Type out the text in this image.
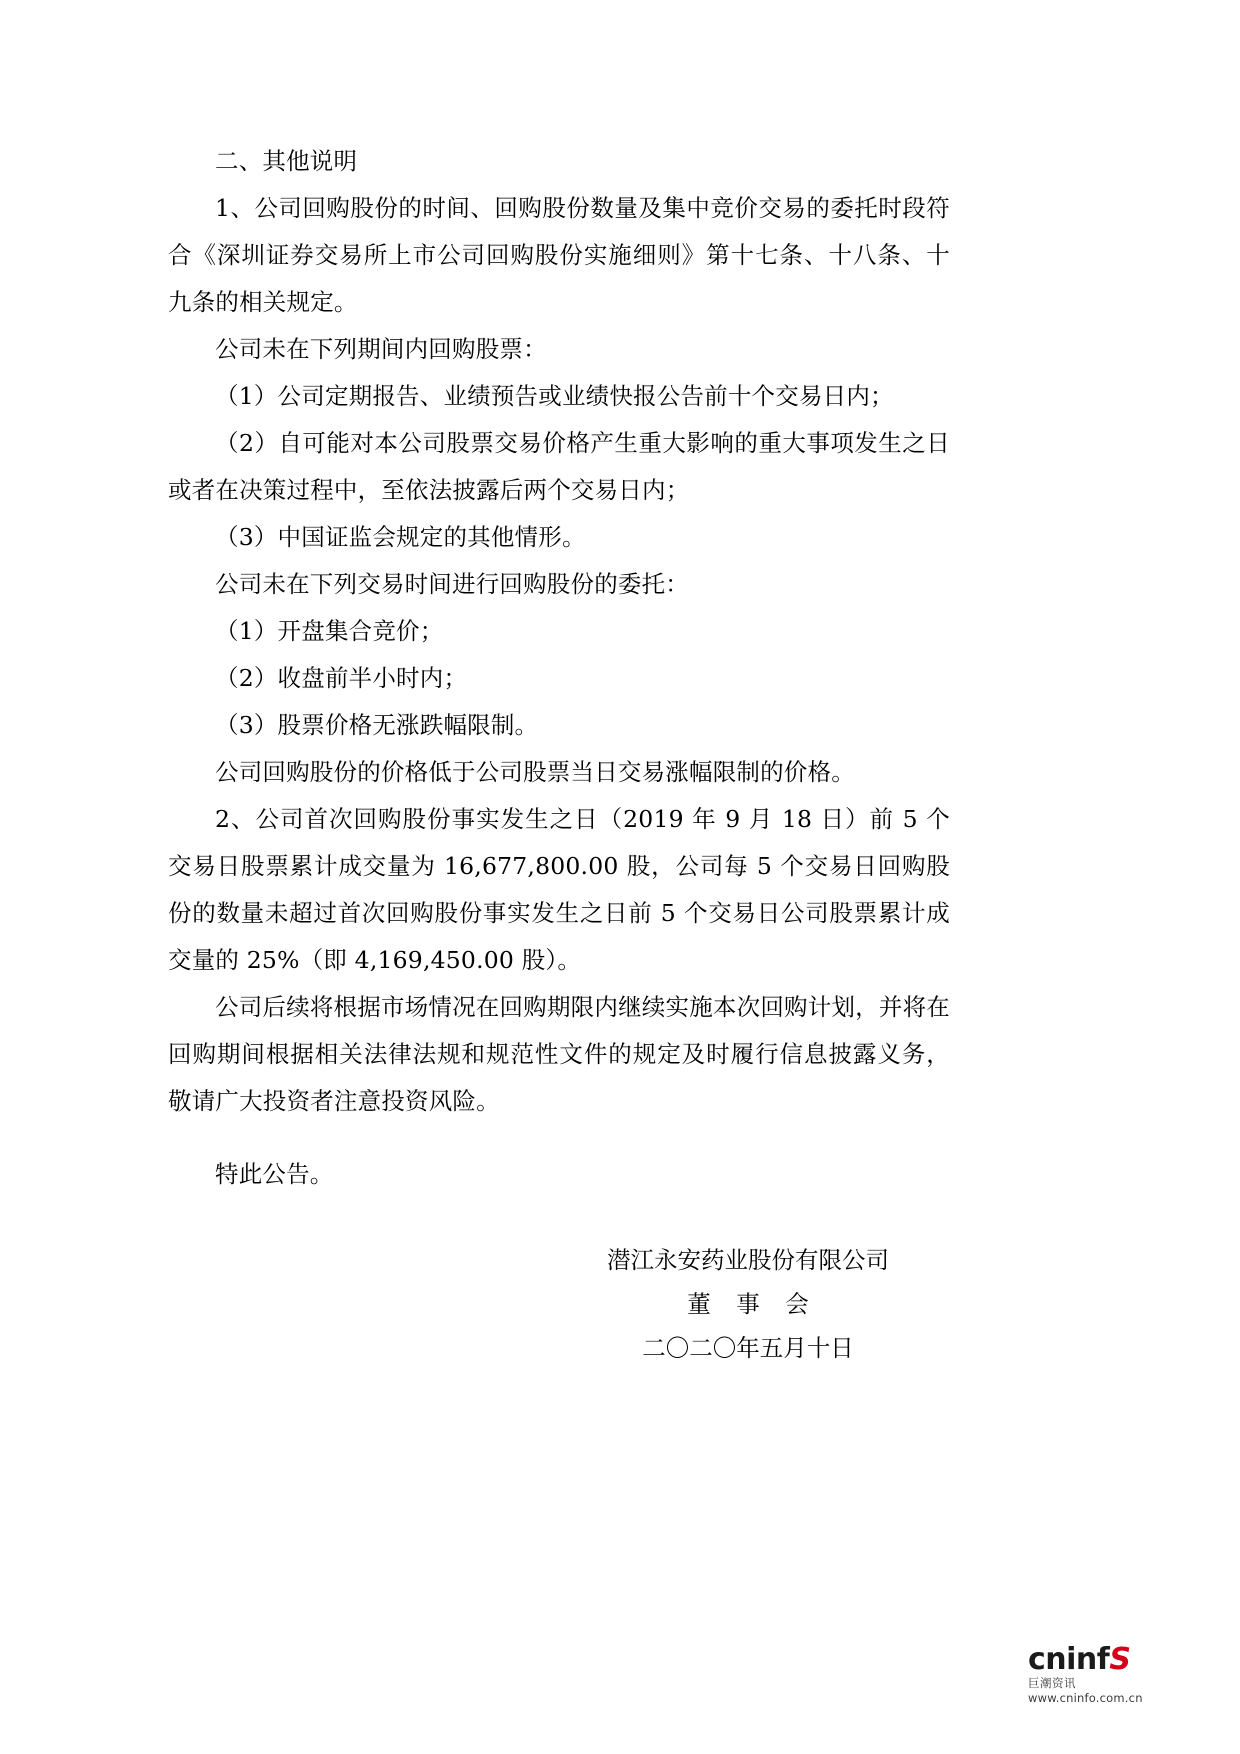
二、其他说明

1、公司回购股份的时间、回购股份数量及集中竞价交易的委托时段符合《深圳证券交易所上市公司回购股份实施细则》第十七条、十八条、十九条的相关规定。

公司未在下列期间内回购股票：

（1）公司定期报告、业绩预告或业绩快报公告前十个交易日内；

（2）自可能对本公司股票交易价格产生重大影响的重大事项发生之日或者在决策过程中，至依法披露后两个交易日内；

（3）中国证监会规定的其他情形。

公司未在下列交易时间进行回购股份的委托：

（1）开盘集合竞价；

（2）收盘前半小时内；

（3）股票价格无涨跌幅限制。

公司回购股份的价格低于公司股票当日交易涨幅限制的价格。

2、公司首次回购股份事实发生之日（2019 年 9 月 18 日）前 5 个交易日股票累计成交量为 16,677,800.00 股，公司每 5 个交易日回购股份的数量未超过首次回购股份事实发生之日前 5 个交易日公司股票累计成交量的 25%（即 4,169,450.00 股）。

公司后续将根据市场情况在回购期限内继续实施本次回购计划，并将在回购期间根据相关法律法规和规范性文件的规定及时履行信息披露义务，敬请广大投资者注意投资风险。

特此公告。

潜江永安药业股份有限公司
董 事 会
二〇二〇年五月十日
cninfS
巨潮资讯
www.cninfo.com.cn
